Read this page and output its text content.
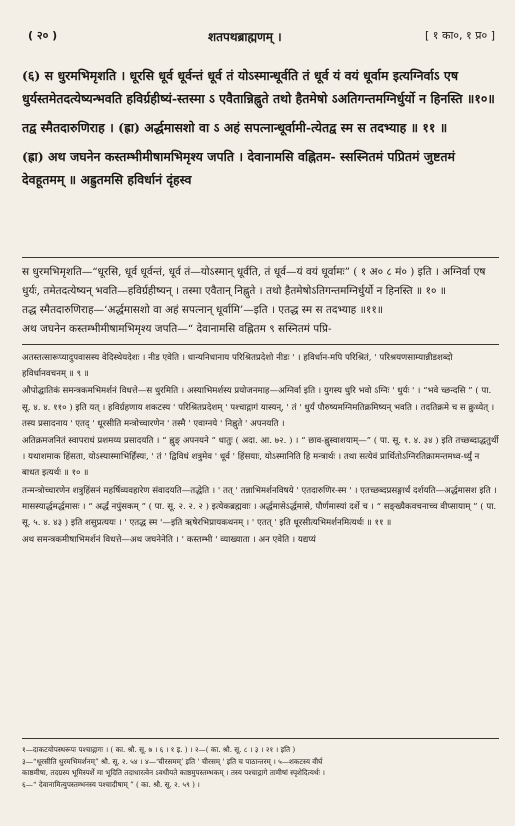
( २० )	शतपथब्राह्मणम् ।	[ १ का०, १ प्र० ]

(६) स धुरमभिमृशति । धूरसि धूर्व धूर्वन्तं धूर्व तं योऽस्मान्धूर्वति तं धूर्व यं वयं धूर्वाम इत्यग्निर्वाऽ एष धुर्यस्तमेतदत्येष्यन्भवति हविर्ग्रहीष्यं-स्तस्मा ऽ एवैतान्निह्नुते तथो हैतमेषो ऽअतिगन्तमग्निर्धुर्यो न हिनस्ति ॥१०॥

तद्व स्मैतदारुणिराह । (ह्रा) अर्द्धमासशो वा ऽ अहं सपत्नान्धूर्वामी-त्येतद्व स्म स तदभ्याह ॥ ११ ॥

(ह्रा) अथ जघनेन कस्तम्भीमीषामभिमृश्य जपति । देवानामसि वह्नितम- स्सस्नितमं पप्रितमं जुष्टतमं देवहूतमम् ॥ अह्रुतमसि हविर्धानं दृंहस्व

स धुरमभिमृशति—“धूरसि, धूर्व धूर्वन्तं, धूर्व तं—योऽस्मान् धूर्वति, तं धूर्व—यं वयं धूर्वामः” ( १ अ० ८ मं० ) इति । अग्निर्वा एष धुर्यः, तमेतदत्येष्यन् भवति—हविर्ग्रहीष्यन् । तस्मा एवैतान् निह्नुते । तथो हैतमेषोऽतिगन्तमग्निर्धुर्यो न हिनस्ति ॥ १० ॥

तद्ध स्मैतदारुणिराह—‘अर्द्धमासशो वा अहं सपत्नान् धूर्वामि’—इति । एतद्ध स्म स तदभ्याह ॥११॥

अथ जघनेन कस्तम्भीमीषामभिमृश्य जपति—“ देवानामसि वह्नितम ९ सस्नितमं पप्रि-

अतस्तत्सारूप्यादुपवासस्य वेदिस्थेयदेशः । नीड एवेति । धान्यनिधानाय परिश्रितप्रदेशो नीडः ' । हविर्धान-मपि परिश्रितं, ' परिश्रयणसाम्यान्नीडशब्दो हविर्धानवचनम् ॥ ९ ॥

औपोद्घातिकं समन्त्रकमभिमर्शनं विधत्ते—स धुरमिति । अस्याभिमर्शस्य प्रयोजनमाह—अग्निर्वा इति । युगस्य धुरि भवो ऽग्निः ' धुर्यः ' । “भवे च्छन्दसि ” ( पा. सू. ४. ४. ११० ) इति यत् । हविर्ग्रहणाय शकटस्य ' परिश्रितप्रदेशम् ' पश्चाद्गागं यास्यन्, ' तं ' धुर्यं पौरुष्यमग्निमतिक्रमिष्यन् भवति । तदतिक्रमे च स क्रुध्येत् । तस्य प्रसादनाय ' एतद् ' धूरसीति मन्त्रोच्चारणेन ' तस्मै ' एवाग्नये ' निह्नुते ' अपनयति ।

अतिक्रमजनितं स्वापराधं प्रशमय्य प्रसादयति । “ ह्नुङ् अपनयने ” धातुः ( अदा. आ. ७२. ) । “ छाव-ह्नुस्वाशयाम्—” ( पा. सू. १. ४. ३४ ) इति तच्छब्दाद्धतुर्थी । यथाशमाक हिंसता, योऽस्यास्माभिर्हिंस्यः, ' तं ' द्विविधं शत्रुमेव ' धूर्व ' हिंसयाः, योऽस्मानिति हि मन्त्रार्थः । तथा सत्येवं प्रार्थितोऽग्निरतिक्रामन्तमध्व-र्ध्युं न बाधत इत्यर्थः ॥ १० ॥

तन्मन्त्रोच्चारणेन शत्रुहिंसनं महर्षिव्यवहारेण संवादयति—तद्धेति । ' तत् ' तन्नाभिमर्शनविषये ' एतदारुणिर-स्म ' । एतच्छब्दप्रसङ्गार्थं दर्शयति—अर्द्धमासश इति । मासस्यार्द्धमर्द्धमासः । “ अर्द्धं नपुंसकम् ” ( पा. सू. २. २. २ ) इत्येकब्रह्मवाः । अर्द्धमासेऽर्द्धमासे, पौर्णमास्यां दर्शे च । “ सङ्ख्यैकवचनाच्च वीप्सायाम् ” ( पा. सू. ५. ४. ४३ ) इति शसुप्रत्ययः । ' एतद्ध स्म '—इति ऋषेरभिप्रायकथनम् । ' एतत् ' इति धूरसीत्यभिमर्शनमित्यर्थः ॥ ११ ॥

अथ समन्त्रकमीषाभिमर्शनं विधत्ते—अथ जघनेनेति । ' कस्तम्भी ' व्याख्याता । अन एवेति । यद्यप्यं

१—दाकटयोपस्थरूपः पश्चाद्गागः । ( का. श्रौ. सू. ७ । ६ । १ इ. ) । २—( का. श्रौ. सू. ८ । ३ । २१ । इति )

३—“धूरसीति धुरमभिमर्शनम्” श्रौ. सू. २. ५४ । ४—‘चीरसमम्’ इति ' चीरसम् ' इति च पाठान्तरम् । ५—शकटस्य वीर्घ

काष्ठमीषा, तदग्रस्य भूमिस्पर्शे मा भूदिति तदाधारत्वेन ऽवधीयते काष्ठमुपस्तम्भकम् । तस्य पश्चाद्गागे तामीषां स्पृशेदित्यर्थः ।

६—“ देवानामित्युपस्तम्भनस्य पश्चादीषाम् ” ( का. श्रौ. सू. २. ५९ ) ।
